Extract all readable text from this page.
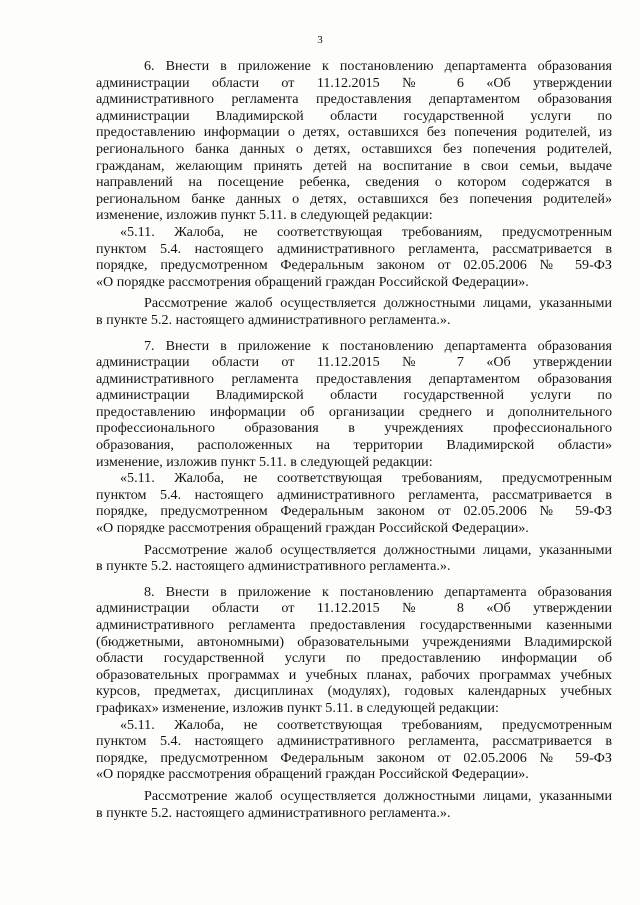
3
6. Внести в приложение к постановлению департамента образования
администрации области от 11.12.2015 № 6 «Об утверждении
административного регламента предоставления департаментом образования
администрации Владимирской области государственной услуги по
предоставлению информации о детях, оставшихся без попечения родителей, из
регионального банка данных о детях, оставшихся без попечения родителей,
гражданам, желающим принять детей на воспитание в свои семьи, выдаче
направлений на посещение ребенка, сведения о котором содержатся в
региональном банке данных о детях, оставшихся без попечения родителей»
изменение, изложив пункт 5.11. в следующей редакции:
«5.11. Жалоба, не соответствующая требованиям, предусмотренным
пунктом 5.4. настоящего административного регламента, рассматривается в
порядке, предусмотренном Федеральным законом от 02.05.2006 № 59-ФЗ
«О порядке рассмотрения обращений граждан Российской Федерации».
Рассмотрение жалоб осуществляется должностными лицами, указанными
в пункте 5.2. настоящего административного регламента.».
7. Внести в приложение к постановлению департамента образования
администрации области от 11.12.2015 № 7 «Об утверждении
административного регламента предоставления департаментом образования
администрации Владимирской области государственной услуги по
предоставлению информации об организации среднего и дополнительного
профессионального образования в учреждениях профессионального
образования, расположенных на территории Владимирской области»
изменение, изложив пункт 5.11. в следующей редакции:
«5.11. Жалоба, не соответствующая требованиям, предусмотренным
пунктом 5.4. настоящего административного регламента, рассматривается в
порядке, предусмотренном Федеральным законом от 02.05.2006 № 59-ФЗ
«О порядке рассмотрения обращений граждан Российской Федерации».
Рассмотрение жалоб осуществляется должностными лицами, указанными
в пункте 5.2. настоящего административного регламента.».
8. Внести в приложение к постановлению департамента образования
администрации области от 11.12.2015 № 8 «Об утверждении
административного регламента предоставления государственными казенными
(бюджетными, автономными) образовательными учреждениями Владимирской
области государственной услуги по предоставлению информации об
образовательных программах и учебных планах, рабочих программах учебных
курсов, предметах, дисциплинах (модулях), годовых календарных учебных
графиках» изменение, изложив пункт 5.11. в следующей редакции:
«5.11. Жалоба, не соответствующая требованиям, предусмотренным
пунктом 5.4. настоящего административного регламента, рассматривается в
порядке, предусмотренном Федеральным законом от 02.05.2006 № 59-ФЗ
«О порядке рассмотрения обращений граждан Российской Федерации».
Рассмотрение жалоб осуществляется должностными лицами, указанными
в пункте 5.2. настоящего административного регламента.».
